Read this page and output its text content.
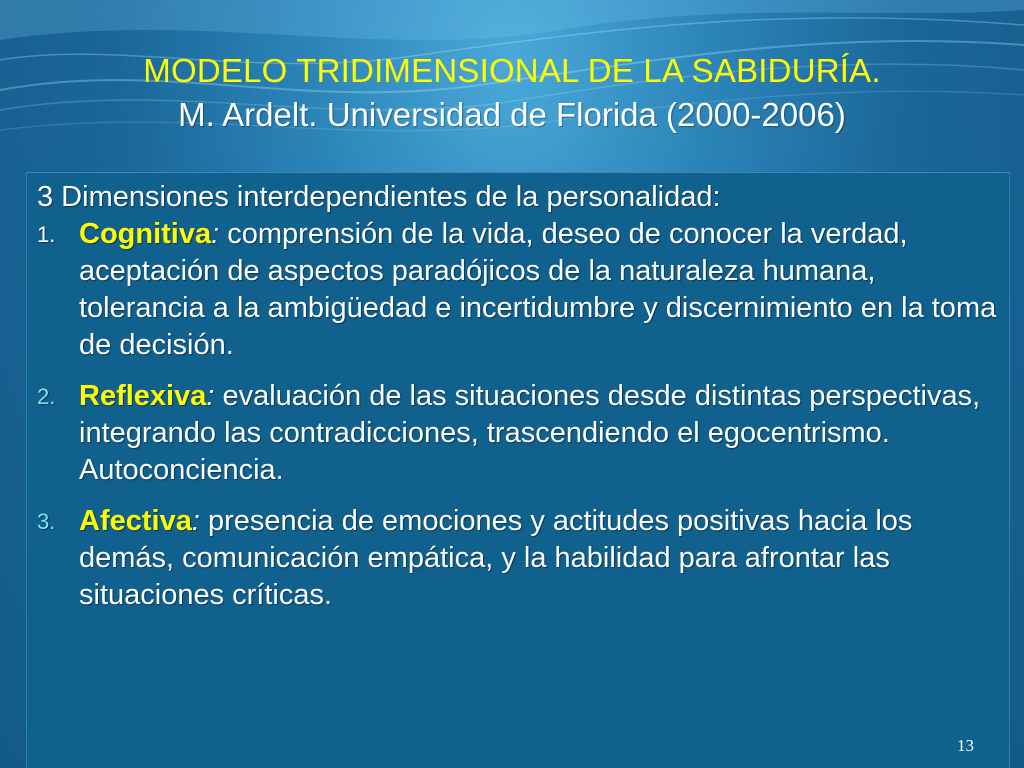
MODELO TRIDIMENSIONAL DE LA SABIDURÍA.
M. Ardelt. Universidad de Florida (2000-2006)
3 Dimensiones interdependientes de la personalidad:
1. Cognitiva: comprensión de la vida, deseo de conocer la verdad, aceptación de aspectos paradójicos de la naturaleza humana, tolerancia a la ambigüedad e incertidumbre y discernimiento en la toma de decisión.
2. Reflexiva: evaluación de las situaciones desde distintas perspectivas, integrando las contradicciones, trascendiendo el egocentrismo. Autoconciencia.
3. Afectiva: presencia de emociones y actitudes positivas hacia los demás, comunicación empática, y la habilidad para afrontar las situaciones críticas.
13
